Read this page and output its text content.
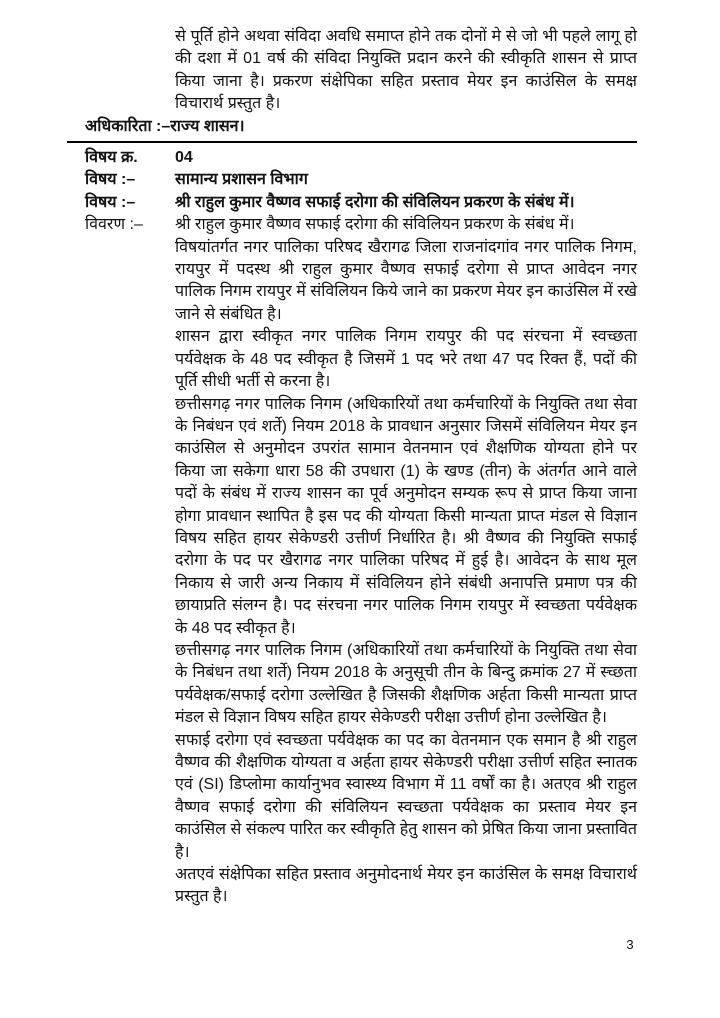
से पूर्ति होने अथवा संविदा अवधि समाप्त होने तक दोनों मे से जो भी पहले लागू हो की दशा में 01 वर्ष की संविदा नियुक्ति प्रदान करने की स्वीकृति शासन से प्राप्त किया जाना है। प्रकरण संक्षेपिका सहित प्रस्ताव मेयर इन काउंसिल के समक्ष विचारार्थ प्रस्तुत है।

अधिकारिता :–राज्य शासन।

विषय क्र.	04
विषय :–	सामान्य प्रशासन विभाग
विषय :–	श्री राहुल कुमार वैष्णव सफाई दरोगा की संविलियन प्रकरण के संबंध में।
विवरण :–	श्री राहुल कुमार वैष्णव सफाई दरोगा की संविलियन प्रकरण के संबंध में।

विषयांतर्गत नगर पालिका परिषद खैरागढ जिला राजनांदगांव नगर पालिक निगम, रायपुर में पदस्थ श्री राहुल कुमार वैष्णव सफाई दरोगा से प्राप्त आवेदन नगर पालिक निगम रायपुर में संविलियन किये जाने का प्रकरण मेयर इन काउंसिल में रखे जाने से संबंधित है।

शासन द्वारा स्वीकृत नगर पालिक निगम रायपुर की पद संरचना में स्वच्छता पर्यवेक्षक के 48 पद स्वीकृत है जिसमें 1 पद भरे तथा 47 पद रिक्त हैं, पदों की पूर्ति सीधी भर्ती से करना है।

छत्तीसगढ़ नगर पालिक निगम (अधिकारियों तथा कर्मचारियों के नियुक्ति तथा सेवा के निबंधन एवं शर्ते) नियम 2018 के प्रावधान अनुसार जिसमें संविलियन मेयर इन काउंसिल से अनुमोदन उपरांत सामान वेतनमान एवं शैक्षणिक योग्यता होने पर किया जा सकेगा धारा 58 की उपधारा (1) के खण्ड (तीन) के अंतर्गत आने वाले पदों के संबंध में राज्य शासन का पूर्व अनुमोदन सम्यक रूप से प्राप्त किया जाना होगा प्रावधान स्थापित है इस पद की योग्यता किसी मान्यता प्राप्त मंडल से विज्ञान विषय सहित हायर सेकेण्डरी उत्तीर्ण निर्धारित है। श्री वैष्णव की नियुक्ति सफाई दरोगा के पद पर खैरागढ नगर पालिका परिषद में हुई है। आवेदन के साथ मूल निकाय से जारी अन्य निकाय में संविलियन होने संबंधी अनापत्ति प्रमाण पत्र की छायाप्रति संलग्न है। पद संरचना नगर पालिक निगम रायपुर में स्वच्छता पर्यवेक्षक के 48 पद स्वीकृत है।

छत्तीसगढ़ नगर पालिक निगम (अधिकारियों तथा कर्मचारियों के नियुक्ति तथा सेवा के निबंधन तथा शर्ते) नियम 2018 के अनुसूची तीन के बिन्दु क्रमांक 27 में स्च्छता पर्यवेक्षक/सफाई दरोगा उल्लेखित है जिसकी शैक्षणिक अर्हता किसी मान्यता प्राप्त मंडल से विज्ञान विषय सहित हायर सेकेण्डरी परीक्षा उत्तीर्ण होना उल्लेखित है।

सफाई दरोगा एवं स्वच्छता पर्यवेक्षक का पद का वेतनमान एक समान है श्री राहुल वैष्णव की शैक्षणिक योग्यता व अर्हता हायर सेकेण्डरी परीक्षा उत्तीर्ण सहित स्नातक एवं (SI) डिप्लोमा कार्यानुभव स्वास्थ्य विभाग में 11 वर्षों का है। अतएव श्री राहुल वैष्णव सफाई दरोगा की संविलियन स्वच्छता पर्यवेक्षक का प्रस्ताव मेयर इन काउंसिल से संकल्प पारित कर स्वीकृति हेतु शासन को प्रेषित किया जाना प्रस्तावित है।

अतएवं संक्षेपिका सहित प्रस्ताव अनुमोदनार्थ मेयर इन काउंसिल के समक्ष विचारार्थ प्रस्तुत है।

3
